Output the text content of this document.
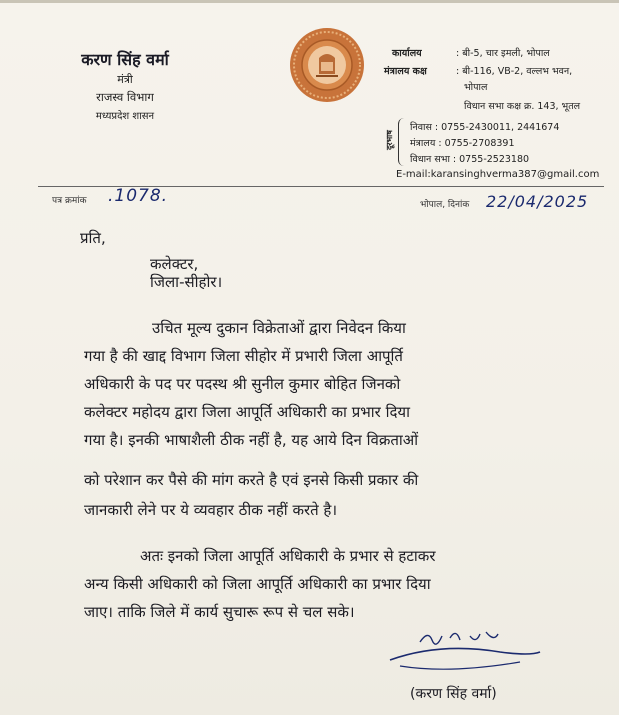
करण सिंह वर्मा
मंत्री
राजस्व विभाग
मध्यप्रदेश शासन
कार्यालय	: बी-5, चार इमली, भोपाल
मंत्रालय कक्ष	: बी-116, VB-2, वल्लभ भवन,
भोपाल
विधान सभा कक्ष क्र. 143, भूतल
दूरभाष
निवास : 0755-2430011, 2441674
मंत्रालय : 0755-2708391
विधान सभा : 0755-2523180
E-mail:karansinghverma387@gmail.com
पत्र क्रमांक .1078.	भोपाल, दिनांक 22/04/2025
प्रति,
कलेक्टर,
जिला-सीहोर।
उचित मूल्य दुकान विक्रेताओं द्वारा निवेदन किया
गया है की खाद्द विभाग जिला सीहोर में प्रभारी जिला आपूर्ति
अधिकारी के पद पर पदस्थ श्री सुनील कुमार बोहित जिनको
कलेक्टर महोदय द्वारा जिला आपूर्ति अधिकारी का प्रभार दिया
गया है। इनकी भाषाशैली ठीक नहीं है, यह आये दिन विक्रताओं
को परेशान कर पैसे की मांग करते है एवं इनसे किसी प्रकार की
जानकारी लेने पर ये व्यवहार ठीक नहीं करते है।
अतः इनको जिला आपूर्ति अधिकारी के प्रभार से हटाकर
अन्य किसी अधिकारी को जिला आपूर्ति अधिकारी का प्रभार दिया
जाए। ताकि जिले में कार्य सुचारू रूप से चल सके।
(करण सिंह वर्मा)
